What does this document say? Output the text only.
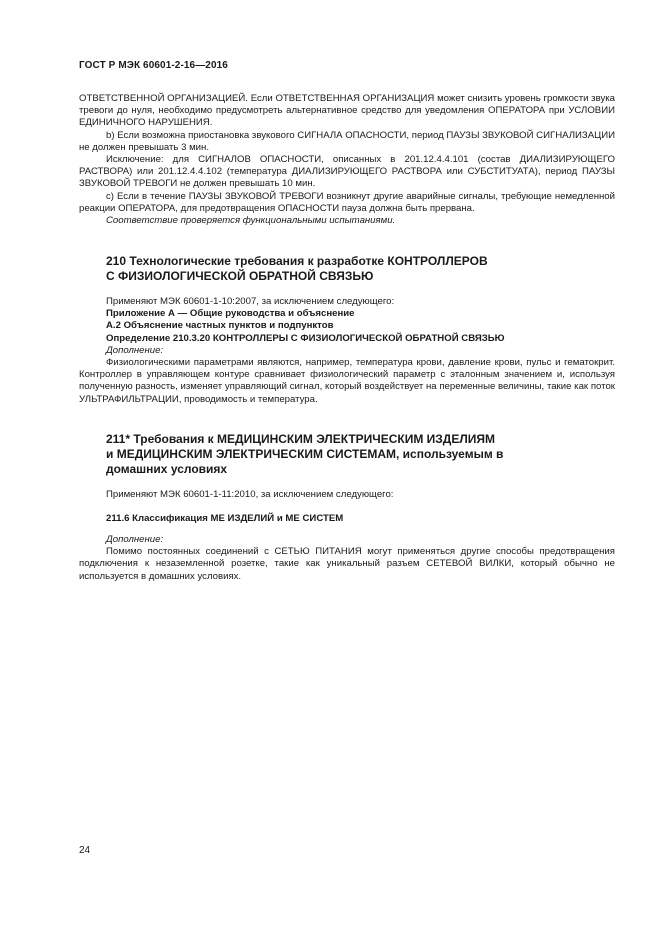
ГОСТ Р МЭК 60601-2-16—2016

ОТВЕТСТВЕННОЙ ОРГАНИЗАЦИЕЙ. Если ОТВЕТСТВЕННАЯ ОРГАНИЗАЦИЯ может снизить уровень громкости звука тревоги до нуля, необходимо предусмотреть альтернативное средство для уведомления ОПЕРАТОРА при УСЛОВИИ ЕДИНИЧНОГО НАРУШЕНИЯ.

b) Если возможна приостановка звукового СИГНАЛА ОПАСНОСТИ, период ПАУЗЫ ЗВУКОВОЙ СИГНАЛИЗАЦИИ не должен превышать 3 мин.

Исключение: для СИГНАЛОВ ОПАСНОСТИ, описанных в 201.12.4.4.101 (состав ДИАЛИЗИРУЮЩЕГО РАСТВОРА) или 201.12.4.4.102 (температура ДИАЛИЗИРУЮЩЕГО РАСТВОРА или СУБСТИТУАТА), период ПАУЗЫ ЗВУКОВОЙ ТРЕВОГИ не должен превышать 10 мин.

c) Если в течение ПАУЗЫ ЗВУКОВОЙ ТРЕВОГИ возникнут другие аварийные сигналы, требующие немедленной реакции ОПЕРАТОРА, для предотвращения ОПАСНОСТИ пауза должна быть прервана.

Соответствие проверяется функциональными испытаниями.

210 Технологические требования к разработке КОНТРОЛЛЕРОВ
С ФИЗИОЛОГИЧЕСКОЙ ОБРАТНОЙ СВЯЗЬЮ

Применяют МЭК 60601-1-10:2007, за исключением следующего:

Приложение А — Общие руководства и объяснение

А.2 Объяснение частных пунктов и подпунктов

Определение 210.3.20 КОНТРОЛЛЕРЫ С ФИЗИОЛОГИЧЕСКОЙ ОБРАТНОЙ СВЯЗЬЮ

Дополнение:

Физиологическими параметрами являются, например, температура крови, давление крови, пульс и гематокрит. Контроллер в управляющем контуре сравнивает физиологический параметр с эталонным значением и, используя полученную разность, изменяет управляющий сигнал, который воздействует на переменные величины, такие как поток УЛЬТРАФИЛЬТРАЦИИ, проводимость и температура.

211* Требования к МЕДИЦИНСКИМ ЭЛЕКТРИЧЕСКИМ ИЗДЕЛИЯМ
и МЕДИЦИНСКИМ ЭЛЕКТРИЧЕСКИМ СИСТЕМАМ, используемым в
домашних условиях

Применяют МЭК 60601-1-11:2010, за исключением следующего:

211.6 Классификация МЕ ИЗДЕЛИЙ и МЕ СИСТЕМ

Дополнение:

Помимо постоянных соединений с СЕТЬЮ ПИТАНИЯ могут применяться другие способы предотвращения подключения к незаземленной розетке, такие как уникальный разъем СЕТЕВОЙ ВИЛКИ, который обычно не используется в домашних условиях.

24
